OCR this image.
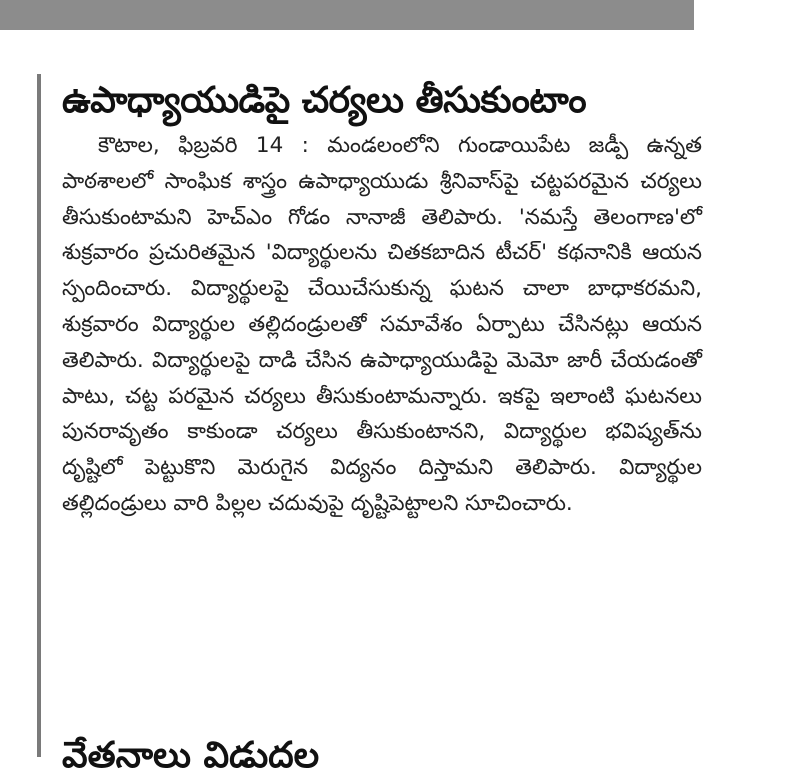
ఉపాధ్యాయుడిపై చర్యలు తీసుకుంటాం

కౌటాల, ఫిబ్రవరి 14 : మండలంలోని గుండాయిపేట జడ్పీ ఉన్నత పాఠశాలలో సాంఘిక శాస్త్రం ఉపాధ్యాయుడు శ్రీనివాస్‌పై చట్టపరమైన చర్యలు తీసుకుంటామని హెచ్‌ఎం గోడం నానాజీ తెలిపారు. 'నమస్తే తెలంగాణ'లో శుక్రవారం ప్రచురితమైన 'విద్యార్థులను చితకబాదిన టీచర్' కథనానికి ఆయన స్పందించారు. విద్యార్థులపై చేయిచేసుకున్న ఘటన చాలా బాధాకరమని, శుక్రవారం విద్యార్థుల తల్లిదండ్రులతో సమావేశం ఏర్పాటు చేసినట్లు ఆయన తెలిపారు. విద్యార్థులపై దాడి చేసిన ఉపాధ్యాయుడిపై మెమో జారీ చేయడంతో పాటు, చట్ట పరమైన చర్యలు తీసుకుంటామన్నారు. ఇకపై ఇలాంటి ఘటనలు పునరావృతం కాకుండా చర్యలు తీసుకుంటానని, విద్యార్థుల భవిష్యత్‌ను దృష్టిలో పెట్టుకొని మెరుగైన విద్యనం దిస్తామని తెలిపారు. విద్యార్థుల తల్లిదండ్రులు వారి పిల్లల చదువుపై దృష్టిపెట్టాలని సూచించారు.

వేతనాలు విడుదల
